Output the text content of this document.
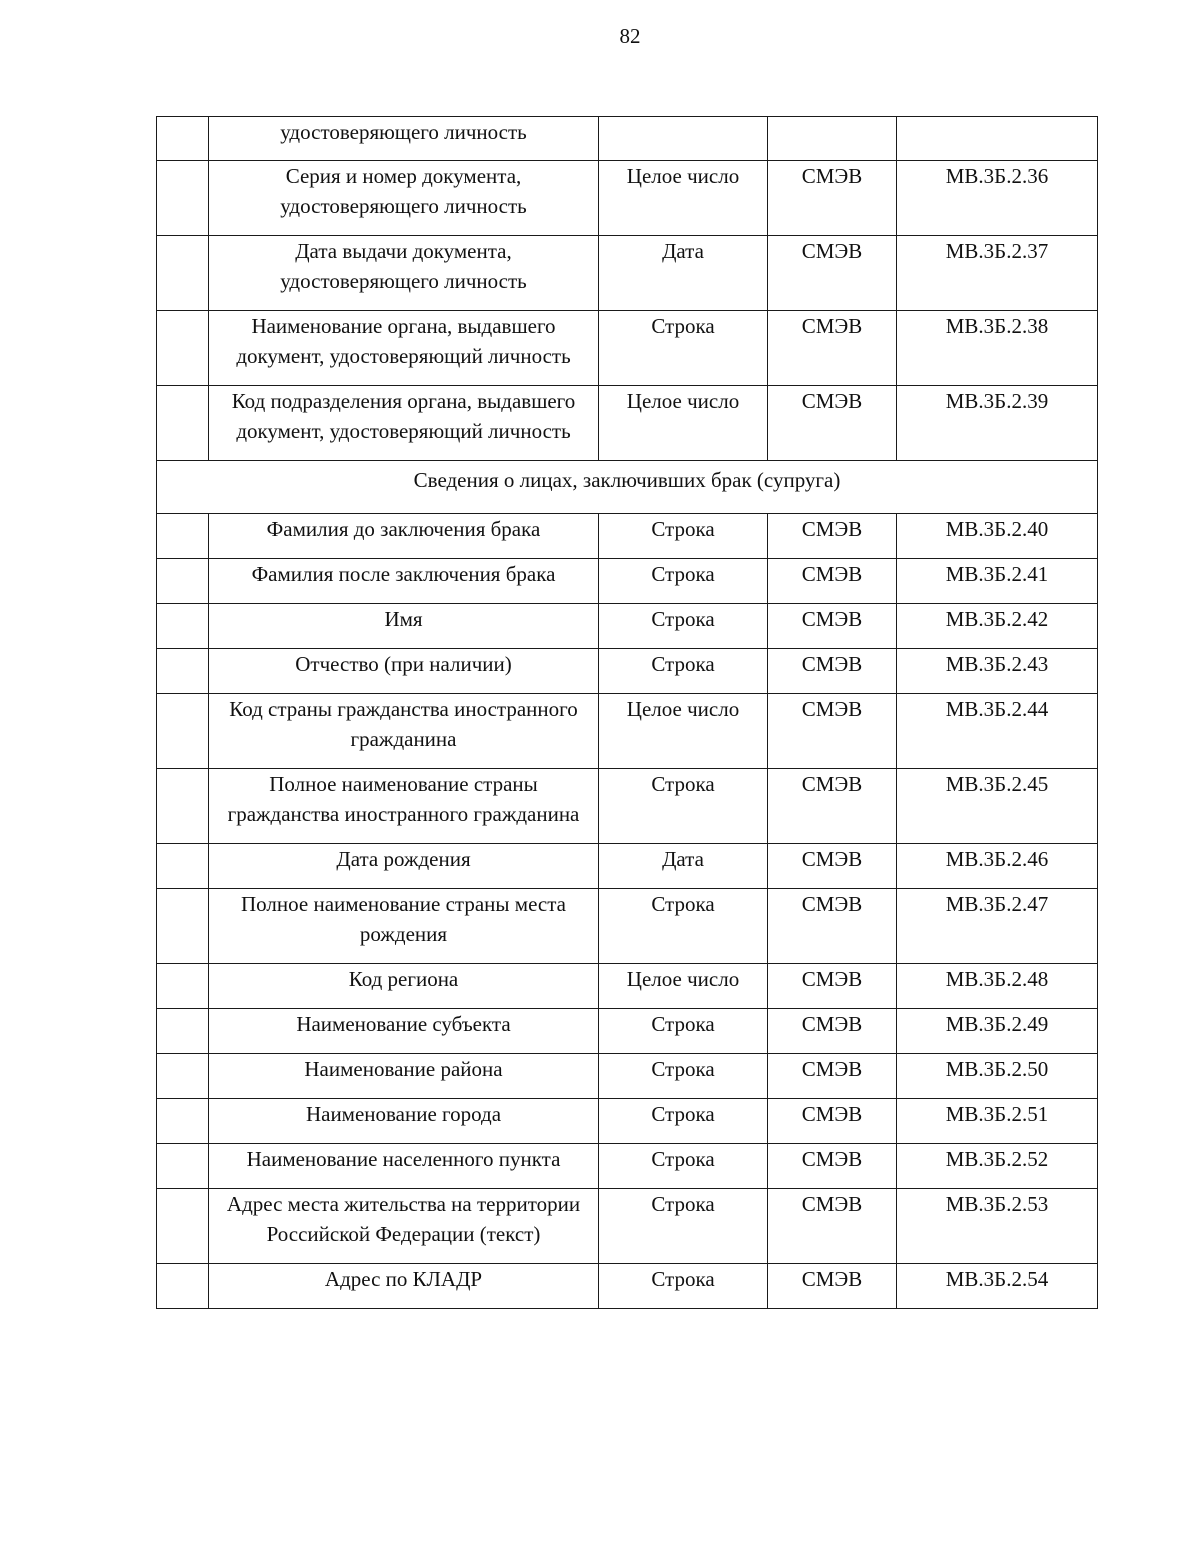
82
	удостоверяющего личность			
	Серия и номер документа, удостоверяющего личность	Целое число	СМЭВ	МВ.3Б.2.36
	Дата выдачи документа, удостоверяющего личность	Дата	СМЭВ	МВ.3Б.2.37
	Наименование органа, выдавшего документ, удостоверяющий личность	Строка	СМЭВ	МВ.3Б.2.38
	Код подразделения органа, выдавшего документ, удостоверяющий личность	Целое число	СМЭВ	МВ.3Б.2.39
Сведения о лицах, заключивших брак (супруга)				
	Фамилия до заключения брака	Строка	СМЭВ	МВ.3Б.2.40
	Фамилия после заключения брака	Строка	СМЭВ	МВ.3Б.2.41
	Имя	Строка	СМЭВ	МВ.3Б.2.42
	Отчество (при наличии)	Строка	СМЭВ	МВ.3Б.2.43
	Код страны гражданства иностранного гражданина	Целое число	СМЭВ	МВ.3Б.2.44
	Полное наименование страны гражданства иностранного гражданина	Строка	СМЭВ	МВ.3Б.2.45
	Дата рождения	Дата	СМЭВ	МВ.3Б.2.46
	Полное наименование страны места рождения	Строка	СМЭВ	МВ.3Б.2.47
	Код региона	Целое число	СМЭВ	МВ.3Б.2.48
	Наименование субъекта	Строка	СМЭВ	МВ.3Б.2.49
	Наименование района	Строка	СМЭВ	МВ.3Б.2.50
	Наименование города	Строка	СМЭВ	МВ.3Б.2.51
	Наименование населенного пункта	Строка	СМЭВ	МВ.3Б.2.52
	Адрес места жительства на территории Российской Федерации (текст)	Строка	СМЭВ	МВ.3Б.2.53
	Адрес по КЛАДР	Строка	СМЭВ	МВ.3Б.2.54
